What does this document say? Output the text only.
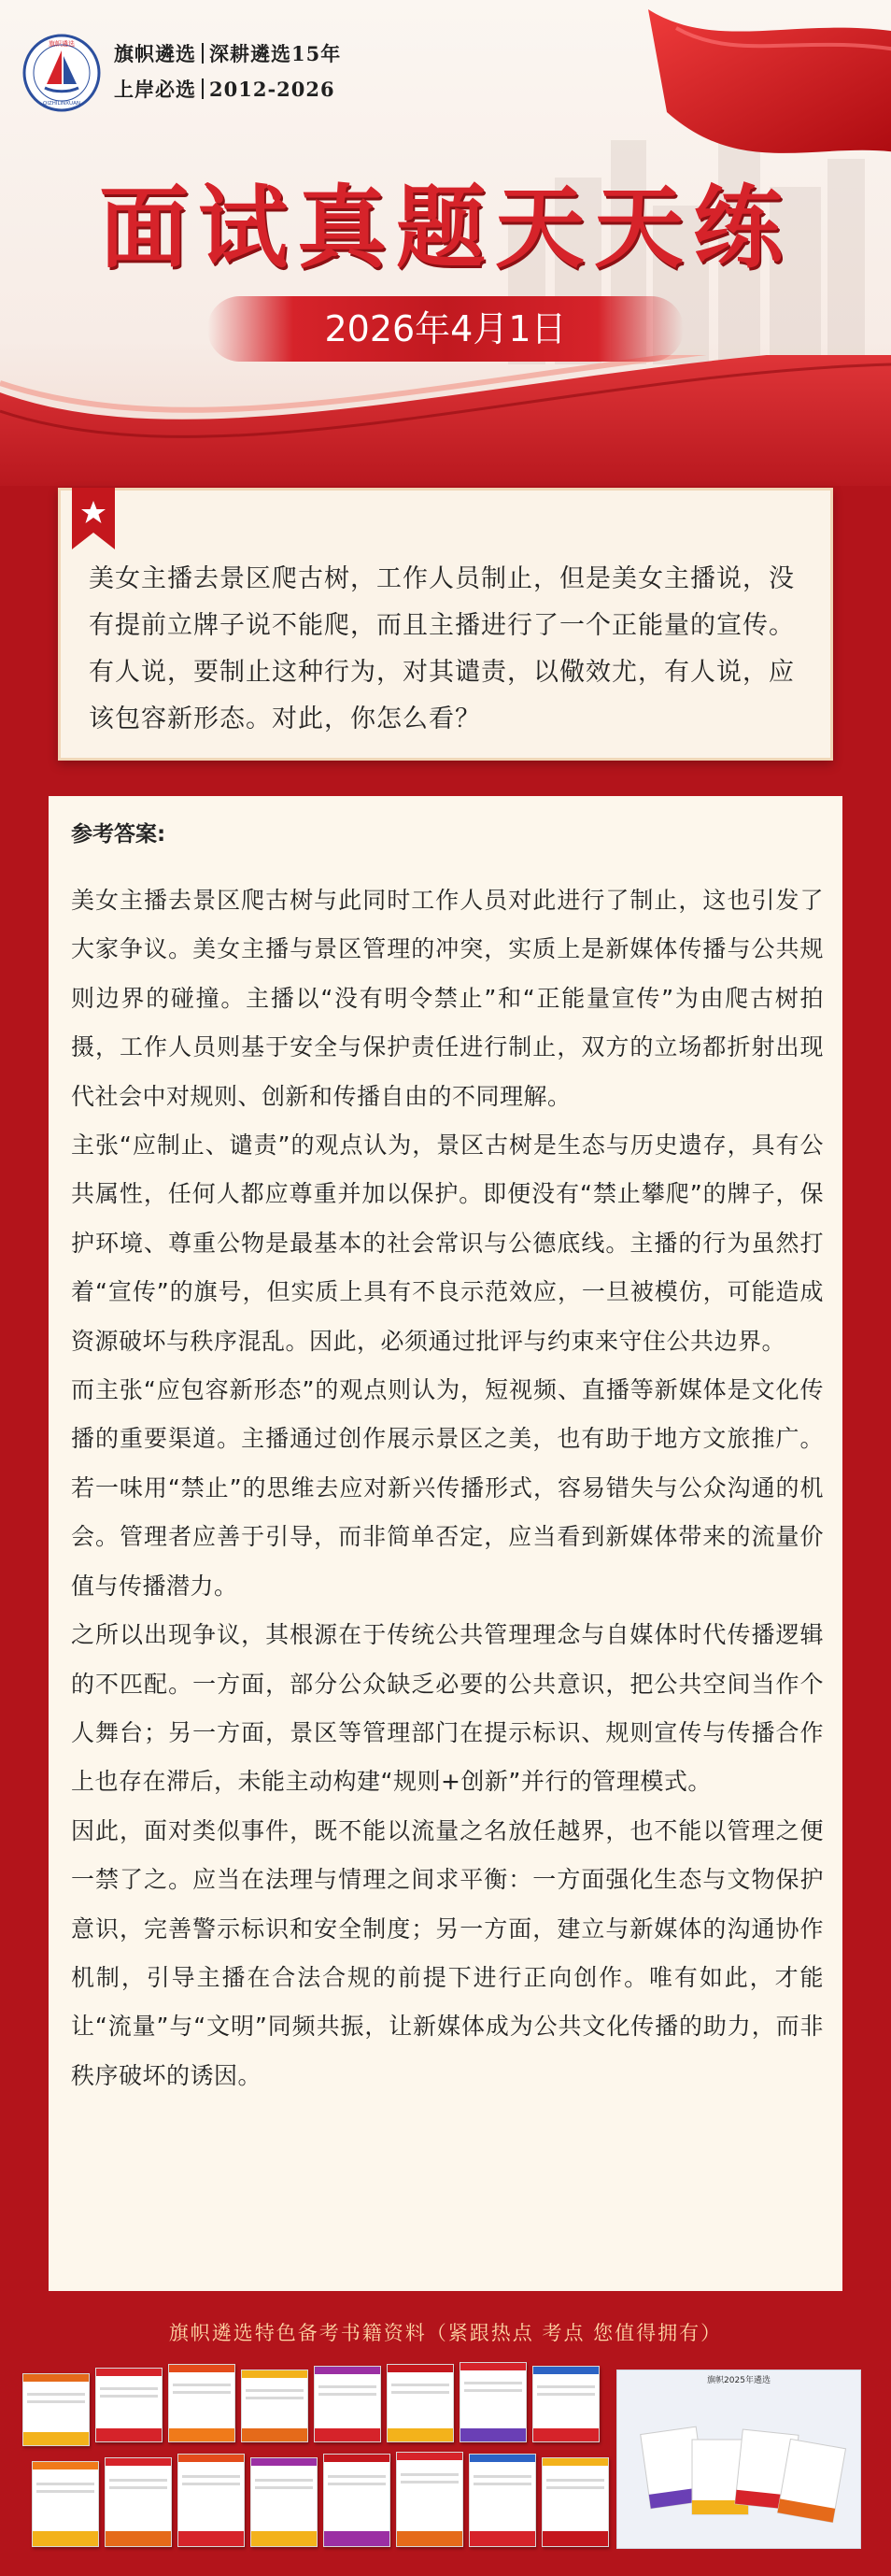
旗帜遴选
QIZHILINXUAN
旗帜遴选 深耕遴选15年
上岸必选 2012-2026
面试真题天天练
2026年4月1日
美女主播去景区爬古树，工作人员制止，但是美女主播说，没有提前立牌子说不能爬，而且主播进行了一个正能量的宣传。有人说，要制止这种行为，对其谴责，以儆效尤，有人说，应该包容新形态。对此，你怎么看？
参考答案:

美女主播去景区爬古树与此同时工作人员对此进行了制止，这也引发了大家争议。美女主播与景区管理的冲突，实质上是新媒体传播与公共规则边界的碰撞。主播以“没有明令禁止”和“正能量宣传”为由爬古树拍摄，工作人员则基于安全与保护责任进行制止，双方的立场都折射出现代社会中对规则、创新和传播自由的不同理解。

主张“应制止、谴责”的观点认为，景区古树是生态与历史遗存，具有公共属性，任何人都应尊重并加以保护。即便没有“禁止攀爬”的牌子，保护环境、尊重公物是最基本的社会常识与公德底线。主播的行为虽然打着“宣传”的旗号，但实质上具有不良示范效应，一旦被模仿，可能造成资源破坏与秩序混乱。因此，必须通过批评与约束来守住公共边界。

而主张“应包容新形态”的观点则认为，短视频、直播等新媒体是文化传播的重要渠道。主播通过创作展示景区之美，也有助于地方文旅推广。若一味用“禁止”的思维去应对新兴传播形式，容易错失与公众沟通的机会。管理者应善于引导，而非简单否定，应当看到新媒体带来的流量价值与传播潜力。

之所以出现争议，其根源在于传统公共管理理念与自媒体时代传播逻辑的不匹配。一方面，部分公众缺乏必要的公共意识，把公共空间当作个人舞台；另一方面，景区等管理部门在提示标识、规则宣传与传播合作上也存在滞后，未能主动构建“规则+创新”并行的管理模式。

因此，面对类似事件，既不能以流量之名放任越界，也不能以管理之便一禁了之。应当在法理与情理之间求平衡：一方面强化生态与文物保护意识，完善警示标识和安全制度；另一方面，建立与新媒体的沟通协作机制，引导主播在合法合规的前提下进行正向创作。唯有如此，才能让“流量”与“文明”同频共振，让新媒体成为公共文化传播的助力，而非秩序破坏的诱因。

旗帜遴选特色备考书籍资料（紧跟热点 考点 您值得拥有）
旗帜2025年遴选
